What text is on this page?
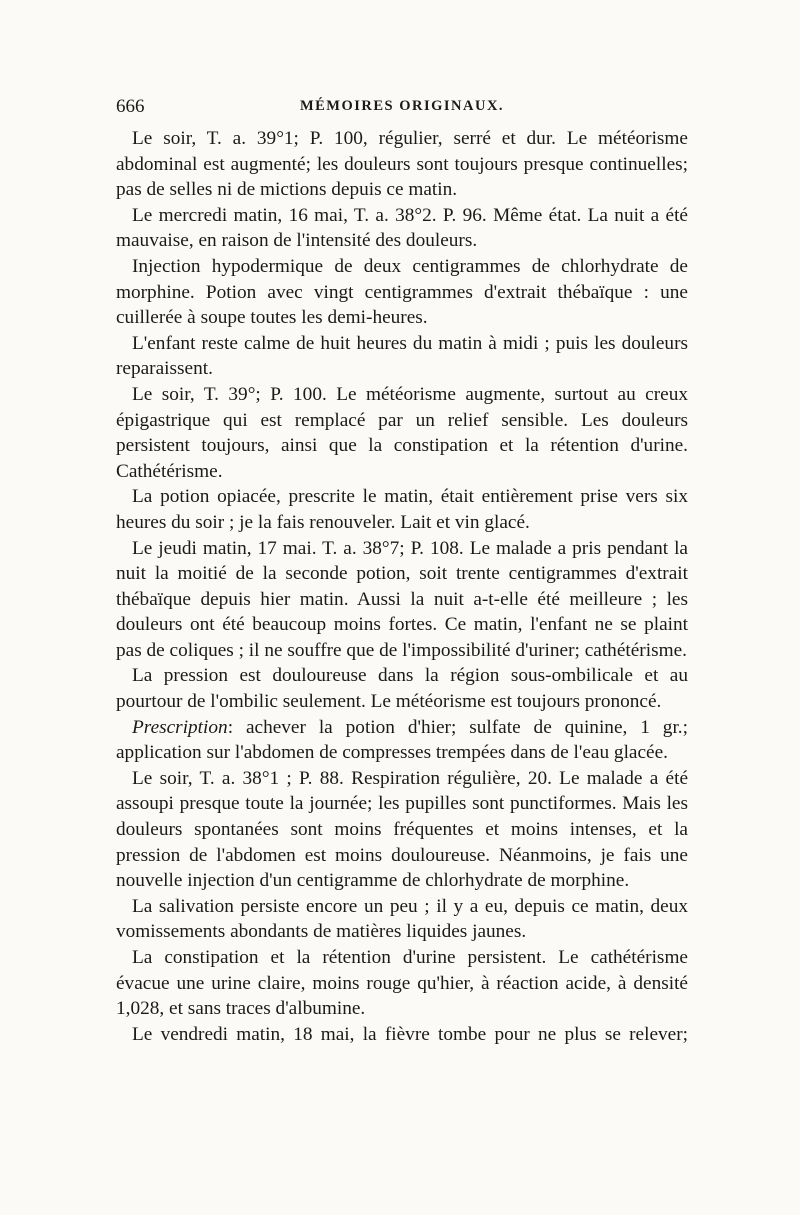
666	MÉMOIRES ORIGINAUX.

Le soir, T. a. 39°1; P. 100, régulier, serré et dur. Le météorisme abdominal est augmenté; les douleurs sont toujours presque continuelles; pas de selles ni de mictions depuis ce matin.

Le mercredi matin, 16 mai, T. a. 38°2. P. 96. Même état. La nuit a été mauvaise, en raison de l'intensité des douleurs.

Injection hypodermique de deux centigrammes de chlorhydrate de morphine. Potion avec vingt centigrammes d'extrait thébaïque : une cuillerée à soupe toutes les demi-heures.

L'enfant reste calme de huit heures du matin à midi ; puis les douleurs reparaissent.

Le soir, T. 39°; P. 100. Le météorisme augmente, surtout au creux épigastrique qui est remplacé par un relief sensible. Les douleurs persistent toujours, ainsi que la constipation et la rétention d'urine. Cathétérisme.

La potion opiacée, prescrite le matin, était entièrement prise vers six heures du soir ; je la fais renouveler. Lait et vin glacé.

Le jeudi matin, 17 mai. T. a. 38°7; P. 108. Le malade a pris pendant la nuit la moitié de la seconde potion, soit trente centigrammes d'extrait thébaïque depuis hier matin. Aussi la nuit a-t-elle été meilleure ; les douleurs ont été beaucoup moins fortes. Ce matin, l'enfant ne se plaint pas de coliques ; il ne souffre que de l'impossibilité d'uriner; cathétérisme.

La pression est douloureuse dans la région sous-ombilicale et au pourtour de l'ombilic seulement. Le météorisme est toujours prononcé.

Prescription: achever la potion d'hier; sulfate de quinine, 1 gr.; application sur l'abdomen de compresses trempées dans de l'eau glacée.

Le soir, T. a. 38°1 ; P. 88. Respiration régulière, 20. Le malade a été assoupi presque toute la journée; les pupilles sont punctiformes. Mais les douleurs spontanées sont moins fréquentes et moins intenses, et la pression de l'abdomen est moins douloureuse. Néanmoins, je fais une nouvelle injection d'un centigramme de chlorhydrate de morphine.

La salivation persiste encore un peu ; il y a eu, depuis ce matin, deux vomissements abondants de matières liquides jaunes.

La constipation et la rétention d'urine persistent. Le cathétérisme évacue une urine claire, moins rouge qu'hier, à réaction acide, à densité 1,028, et sans traces d'albumine.

Le vendredi matin, 18 mai, la fièvre tombe pour ne plus se relever;
